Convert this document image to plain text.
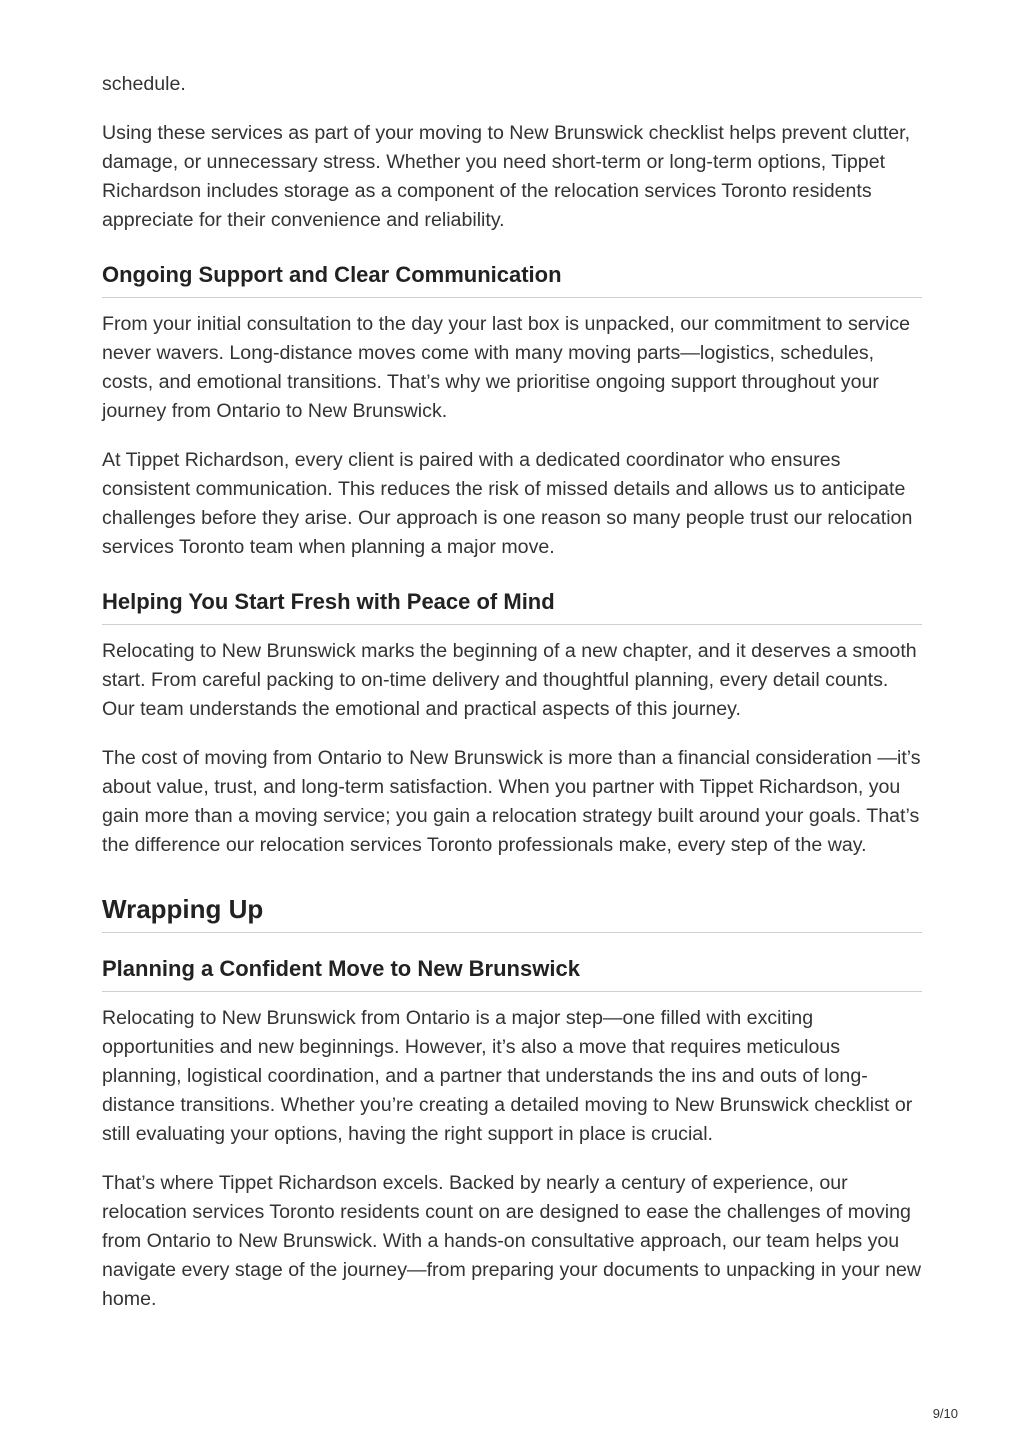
schedule.

Using these services as part of your moving to New Brunswick checklist helps prevent clutter, damage, or unnecessary stress. Whether you need short-term or long-term options, Tippet Richardson includes storage as a component of the relocation services Toronto residents appreciate for their convenience and reliability.

Ongoing Support and Clear Communication

From your initial consultation to the day your last box is unpacked, our commitment to service never wavers. Long-distance moves come with many moving parts—logistics, schedules, costs, and emotional transitions. That’s why we prioritise ongoing support throughout your journey from Ontario to New Brunswick.

At Tippet Richardson, every client is paired with a dedicated coordinator who ensures consistent communication. This reduces the risk of missed details and allows us to anticipate challenges before they arise. Our approach is one reason so many people trust our relocation services Toronto team when planning a major move.

Helping You Start Fresh with Peace of Mind

Relocating to New Brunswick marks the beginning of a new chapter, and it deserves a smooth start. From careful packing to on-time delivery and thoughtful planning, every detail counts. Our team understands the emotional and practical aspects of this journey.

The cost of moving from Ontario to New Brunswick is more than a financial consideration —it’s about value, trust, and long-term satisfaction. When you partner with Tippet Richardson, you gain more than a moving service; you gain a relocation strategy built around your goals. That’s the difference our relocation services Toronto professionals make, every step of the way.

Wrapping Up
Planning a Confident Move to New Brunswick

Relocating to New Brunswick from Ontario is a major step—one filled with exciting opportunities and new beginnings. However, it’s also a move that requires meticulous planning, logistical coordination, and a partner that understands the ins and outs of long-distance transitions. Whether you’re creating a detailed moving to New Brunswick checklist or still evaluating your options, having the right support in place is crucial.

That’s where Tippet Richardson excels. Backed by nearly a century of experience, our relocation services Toronto residents count on are designed to ease the challenges of moving from Ontario to New Brunswick. With a hands-on consultative approach, our team helps you navigate every stage of the journey—from preparing your documents to unpacking in your new home.

9/10
